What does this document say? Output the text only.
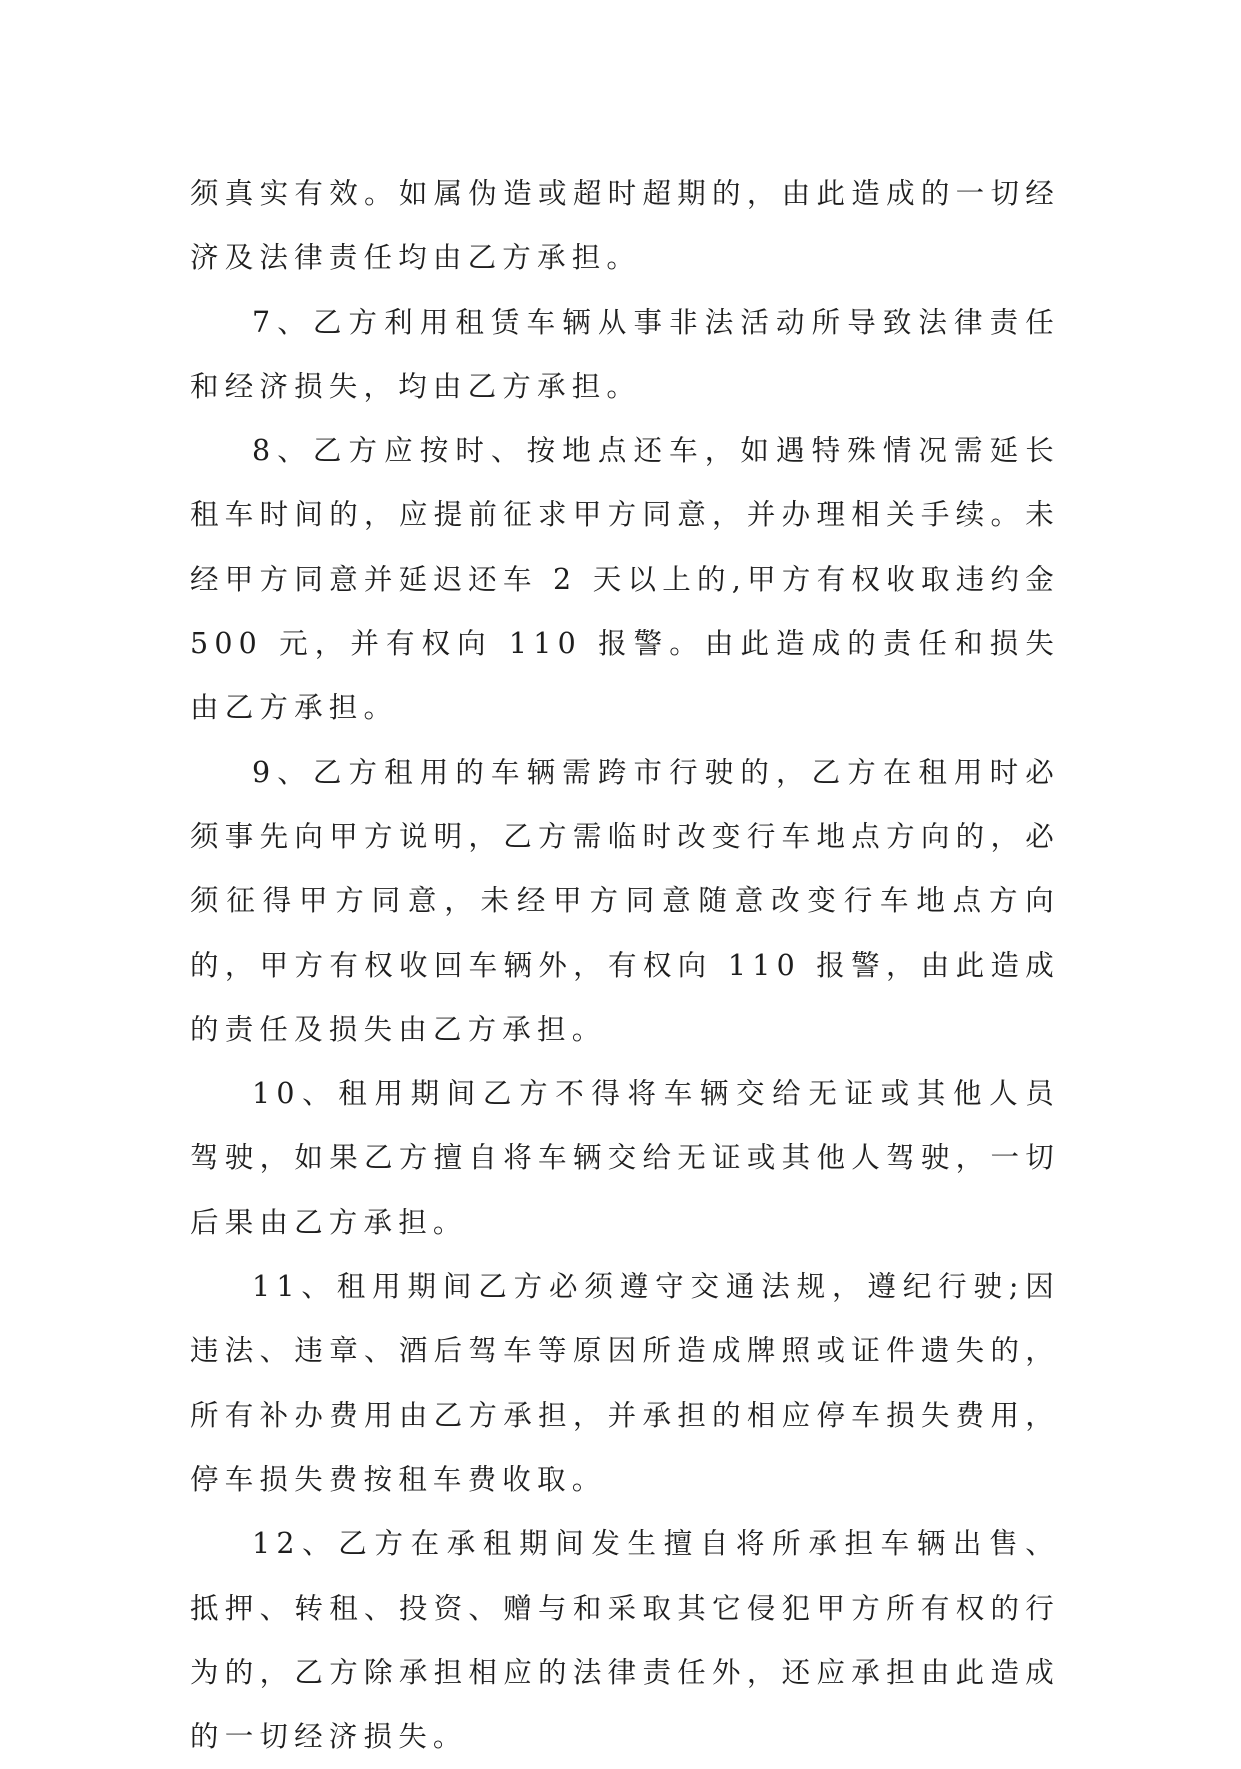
须真实有效。如属伪造或超时超期的，由此造成的一切经济及法律责任均由乙方承担。

7、乙方利用租赁车辆从事非法活动所导致法律责任和经济损失，均由乙方承担。

8、乙方应按时、按地点还车，如遇特殊情况需延长租车时间的，应提前征求甲方同意，并办理相关手续。未经甲方同意并延迟还车 2 天以上的,甲方有权收取违约金 500 元，并有权向 110 报警。由此造成的责任和损失由乙方承担。

9、乙方租用的车辆需跨市行驶的，乙方在租用时必须事先向甲方说明，乙方需临时改变行车地点方向的，必须征得甲方同意，未经甲方同意随意改变行车地点方向的，甲方有权收回车辆外，有权向 110 报警，由此造成的责任及损失由乙方承担。

10、租用期间乙方不得将车辆交给无证或其他人员驾驶，如果乙方擅自将车辆交给无证或其他人驾驶，一切后果由乙方承担。

11、租用期间乙方必须遵守交通法规，遵纪行驶;因违法、违章、酒后驾车等原因所造成牌照或证件遗失的，所有补办费用由乙方承担，并承担的相应停车损失费用，停车损失费按租车费收取。

12、乙方在承租期间发生擅自将所承担车辆出售、抵押、转租、投资、赠与和采取其它侵犯甲方所有权的行为的，乙方除承担相应的法律责任外，还应承担由此造成的一切经济损失。
